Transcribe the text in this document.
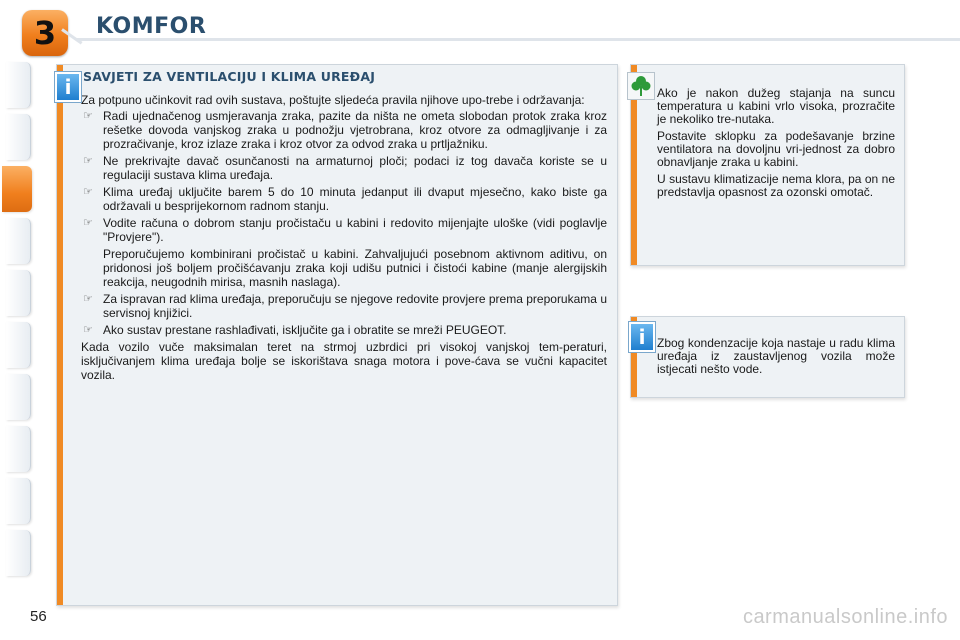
3 KOMFOR
SAVJETI ZA VENTILACIJU I KLIMA UREĐAJ

Za potpuno učinkovit rad ovih sustava, poštujte sljedeća pravila njihove upo-trebe i održavanja:

☞ Radi ujednačenog usmjeravanja zraka, pazite da ništa ne ometa slobodan protok zraka kroz rešetke dovoda vanjskog zraka u podnožju vjetrobrana, kroz otvore za odmagljivanje i za prozračivanje, kroz izlaze zraka i kroz otvor za odvod zraka u prtljažniku.
☞ Ne prekrivajte davač osunčanosti na armaturnoj ploči; podaci iz tog davača koriste se u regulaciji sustava klima uređaja.
☞ Klima uređaj uključite barem 5 do 10 minuta jedanput ili dvaput mjesečno, kako biste ga održavali u besprijekornom radnom stanju.
☞ Vodite računa o dobrom stanju pročistaču u kabini i redovito mijenjajte uloške (vidi poglavlje "Provjere").

Preporučujemo kombinirani pročistač u kabini. Zahvaljujući posebnom aktivnom aditivu, on pridonosi još boljem pročišćavanju zraka koji udišu putnici i čistoći kabine (manje alergijskih reakcija, neugodnih mirisa, masnih naslaga).

☞ Za ispravan rad klima uređaja, preporučuju se njegove redovite provjere prema preporukama u servisnoj knjižici.
☞ Ako sustav prestane rashlađivati, isključite ga i obratite se mreži PEUGEOT.

Kada vozilo vuče maksimalan teret na strmoj uzbrdici pri visokoj vanjskoj tem-peraturi, isključivanjem klima uređaja bolje se iskorištava snaga motora i pove-ćava se vučni kapacitet vozila.

i	Ako je nakon dužeg stajanja na suncu temperatura u kabini vrlo visoka, prozračite je nekoliko tre-nutaka.

Postavite sklopku za podešavanje brzine ventilatora na dovoljnu vri-jednost za dobro obnavljanje zraka u kabini.

U sustavu klimatizacije nema klora, pa on ne predstavlja opasnost za ozonski omotač.

Zbog kondenzacije koja nastaje u radu klima uređaja iz zaustavljenog vozila može istjecati nešto vode.

i
56	carmanualsonline.info
